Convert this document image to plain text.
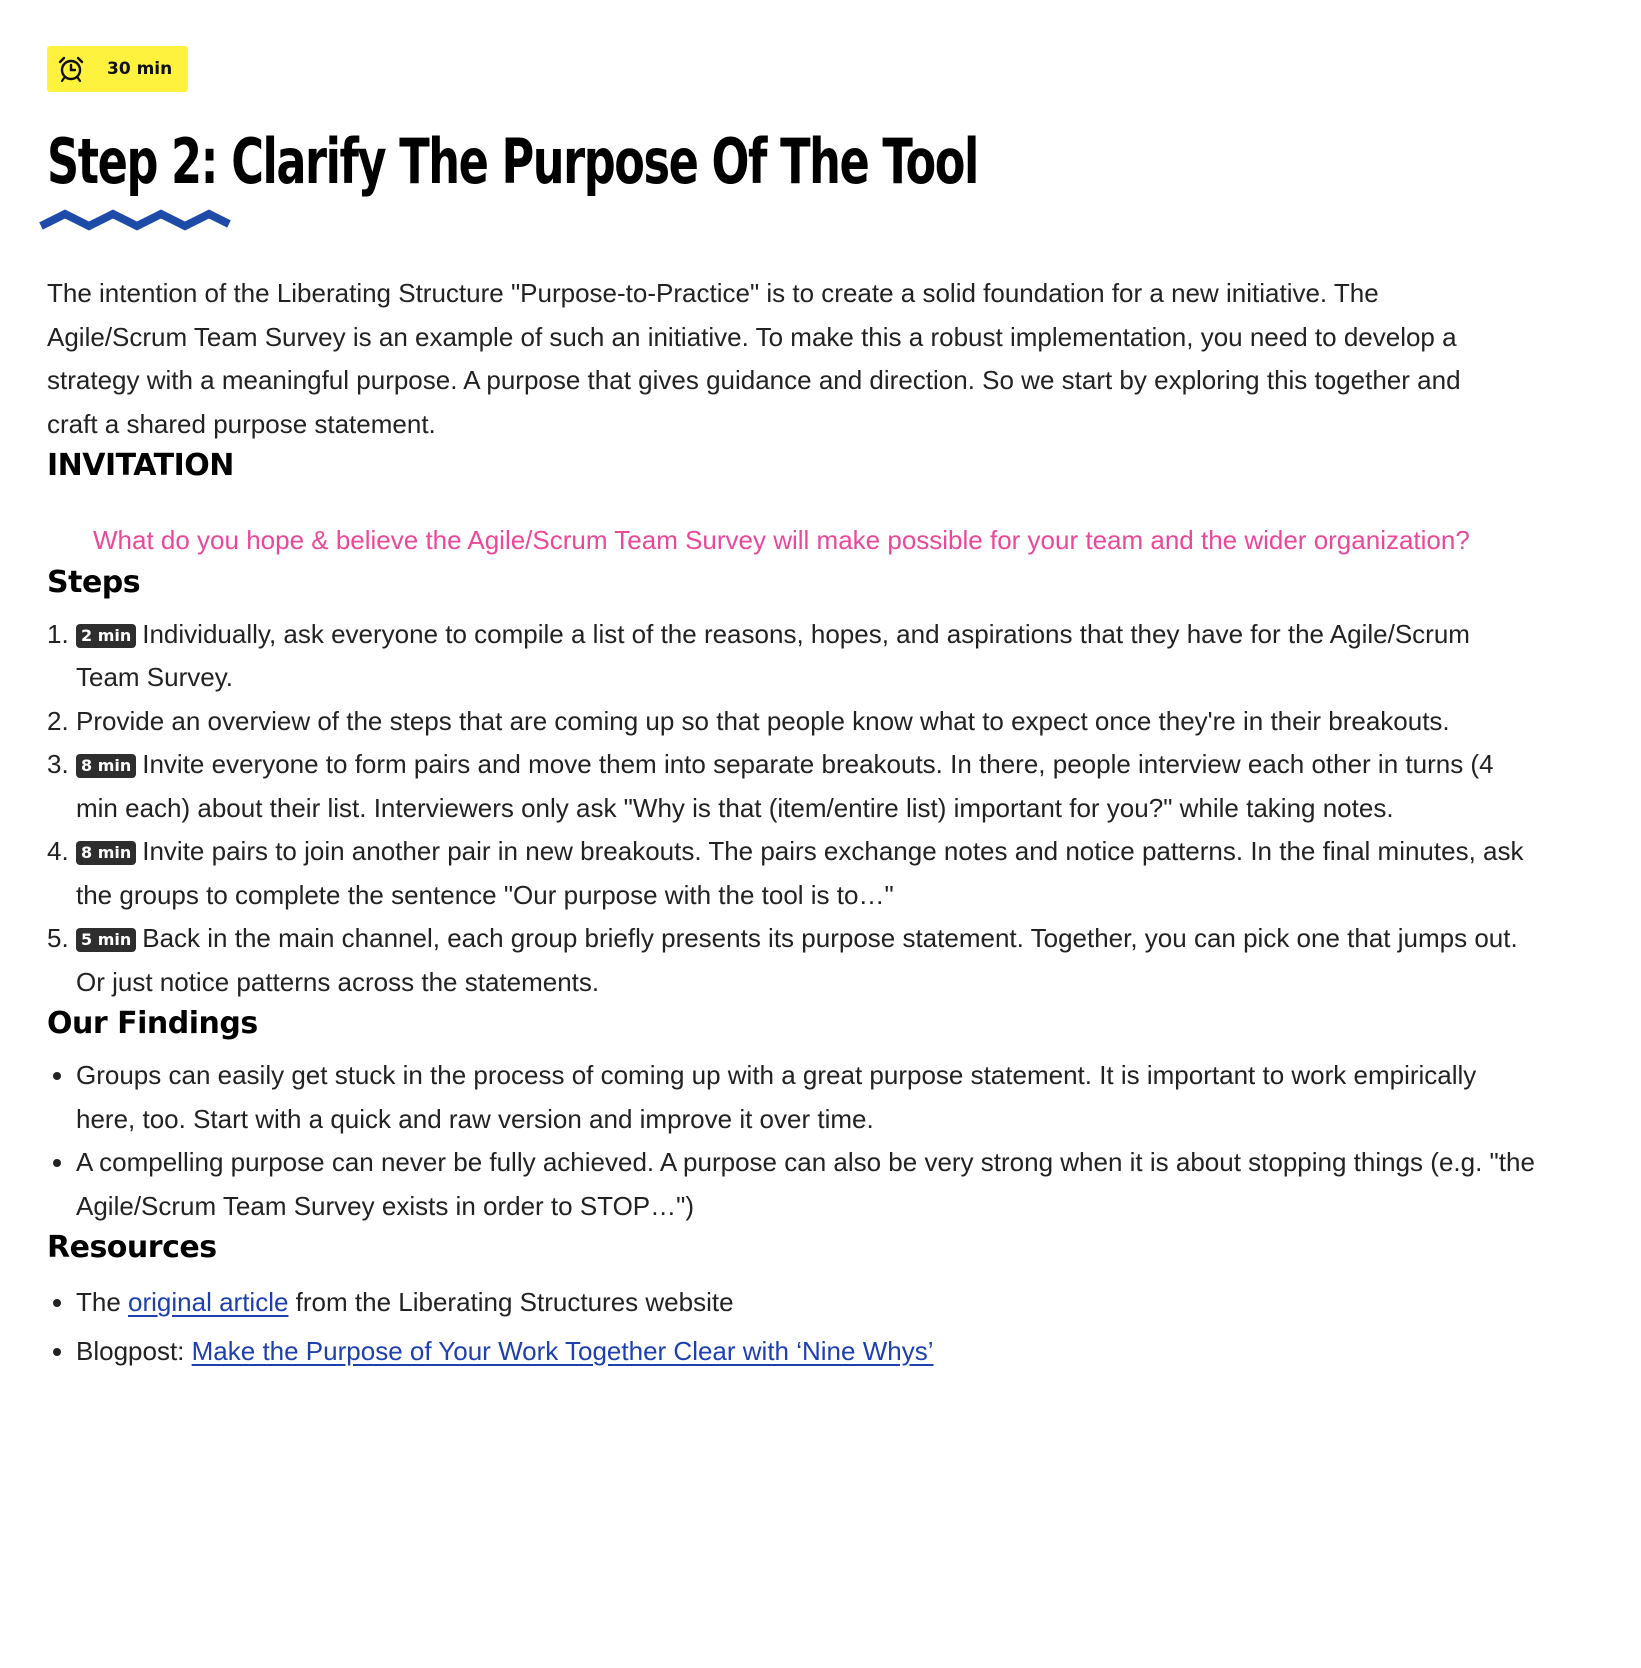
30 min
Step 2: Clarify The Purpose Of The Tool

The intention of the Liberating Structure "Purpose-to-Practice" is to create a solid foundation for a new initiative. The Agile/Scrum Team Survey is an example of such an initiative. To make this a robust implementation, you need to develop a strategy with a meaningful purpose. A purpose that gives guidance and direction. So we start by exploring this together and craft a shared purpose statement.

INVITATION

What do you hope & believe the Agile/Scrum Team Survey will make possible for your team and the wider organization?

Steps
2 min Individually, ask everyone to compile a list of the reasons, hopes, and aspirations that they have for the Agile/Scrum Team Survey.
Provide an overview of the steps that are coming up so that people know what to expect once they're in their breakouts.
8 min Invite everyone to form pairs and move them into separate breakouts. In there, people interview each other in turns (4 min each) about their list. Interviewers only ask "Why is that (item/entire list) important for you?" while taking notes.
8 min Invite pairs to join another pair in new breakouts. The pairs exchange notes and notice patterns. In the final minutes, ask the groups to complete the sentence "Our purpose with the tool is to…"
5 min Back in the main channel, each group briefly presents its purpose statement. Together, you can pick one that jumps out. Or just notice patterns across the statements.
Our Findings
Groups can easily get stuck in the process of coming up with a great purpose statement. It is important to work empirically here, too. Start with a quick and raw version and improve it over time.
A compelling purpose can never be fully achieved. A purpose can also be very strong when it is about stopping things (e.g. "the Agile/Scrum Team Survey exists in order to STOP…")
Resources
The original article from the Liberating Structures website
Blogpost: Make the Purpose of Your Work Together Clear with ‘Nine Whys’
